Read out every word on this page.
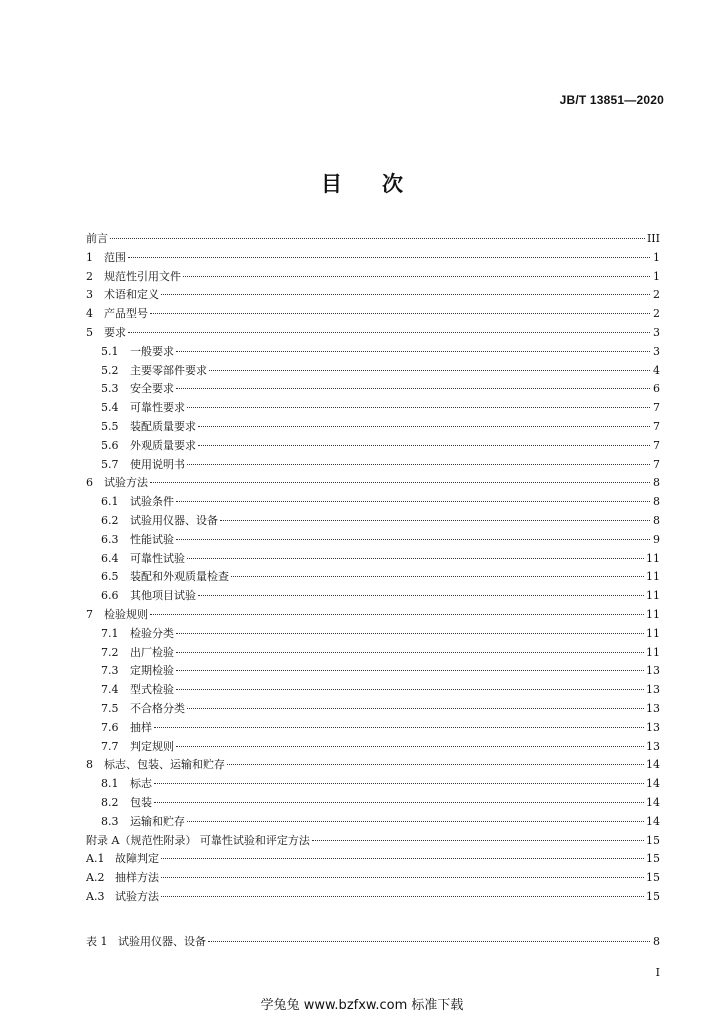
JB/T 13851—2020
目 次
前言	III
1	范围	1
2	规范性引用文件	1
3	术语和定义	2
4	产品型号	2
5	要求	3
5.1	一般要求	3
5.2	主要零部件要求	4
5.3	安全要求	6
5.4	可靠性要求	7
5.5	装配质量要求	7
5.6	外观质量要求	7
5.7	使用说明书	7
6	试验方法	8
6.1	试验条件	8
6.2	试验用仪器、设备	8
6.3	性能试验	9
6.4	可靠性试验	11
6.5	装配和外观质量检查	11
6.6	其他项目试验	11
7	检验规则	11
7.1	检验分类	11
7.2	出厂检验	11
7.3	定期检验	13
7.4	型式检验	13
7.5	不合格分类	13
7.6	抽样	13
7.7	判定规则	13
8	标志、包装、运输和贮存	14
8.1	标志	14
8.2	包装	14
8.3	运输和贮存	14
附录 A（规范性附录） 可靠性试验和评定方法	15
A.1 故障判定	15
A.2 抽样方法	15
A.3 试验方法	15
表 1 试验用仪器、设备	8
I
学兔兔 www.bzfxw.com 标准下载
